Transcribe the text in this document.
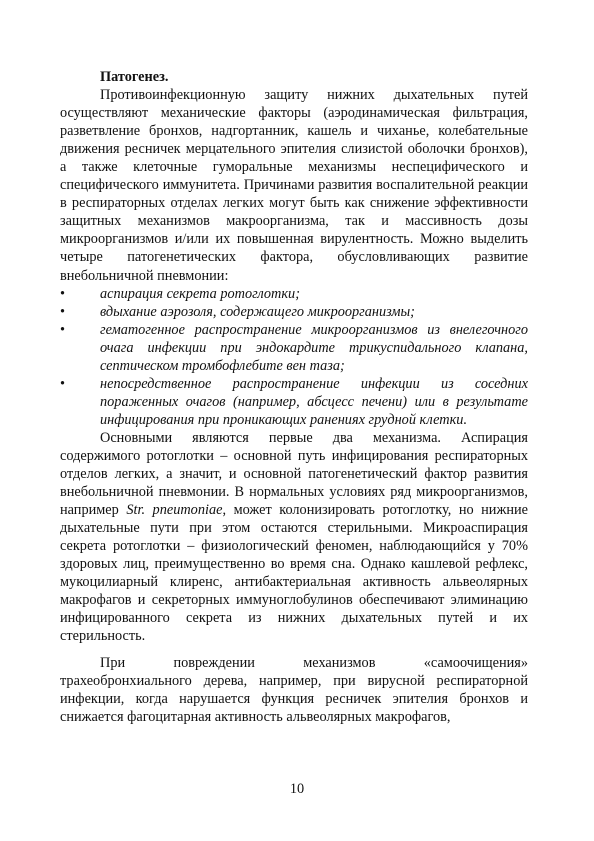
Патогенез.

Противоинфекционную защиту нижних дыхательных путей осуществляют механические факторы (аэродинамическая фильтрация, разветвление бронхов, надгортанник, кашель и чиханье, колебательные движения ресничек мерцательного эпителия слизистой оболочки бронхов), а также клеточные гуморальные механизмы неспецифического и специфического иммунитета. Причинами развития воспалительной реакции в респираторных отделах легких могут быть как снижение эффективности защитных механизмов макроорганизма, так и массивность дозы микроорганизмов и/или их повышенная вирулентность. Можно выделить четыре патогенетических фактора, обусловливающих развитие внебольничной пневмонии:

• аспирация секрета ротоглотки;
• вдыхание аэрозоля, содержащего микроорганизмы;
• гематогенное распространение микроорганизмов из внелегочного очага инфекции при эндокардите трикуспидального клапана, септическом тромбофлебите вен таза;
• непосредственное распространение инфекции из соседних пораженных очагов (например, абсцесс печени) или в результате инфицирования при проникающих ранениях грудной клетки.

Основными являются первые два механизма. Аспирация содержимого ротоглотки – основной путь инфицирования респираторных отделов легких, а значит, и основной патогенетический фактор развития внебольничной пневмонии. В нормальных условиях ряд микроорганизмов, например Str. pneumoniae, может колонизировать ротоглотку, но нижние дыхательные пути при этом остаются стерильными. Микроаспирация секрета ротоглотки – физиологический феномен, наблюдающийся у 70% здоровых лиц, преимущественно во время сна. Однако кашлевой рефлекс, мукоцилиарный клиренс, антибактериальная активность альвеолярных макрофагов и секреторных иммуноглобулинов обеспечивают элиминацию инфицированного секрета из нижних дыхательных путей и их стерильность.

При повреждении механизмов «самоочищения» трахеобронхиального дерева, например, при вирусной респираторной инфекции, когда нарушается функция ресничек эпителия бронхов и снижается фагоцитарная активность альвеолярных макрофагов,

10
